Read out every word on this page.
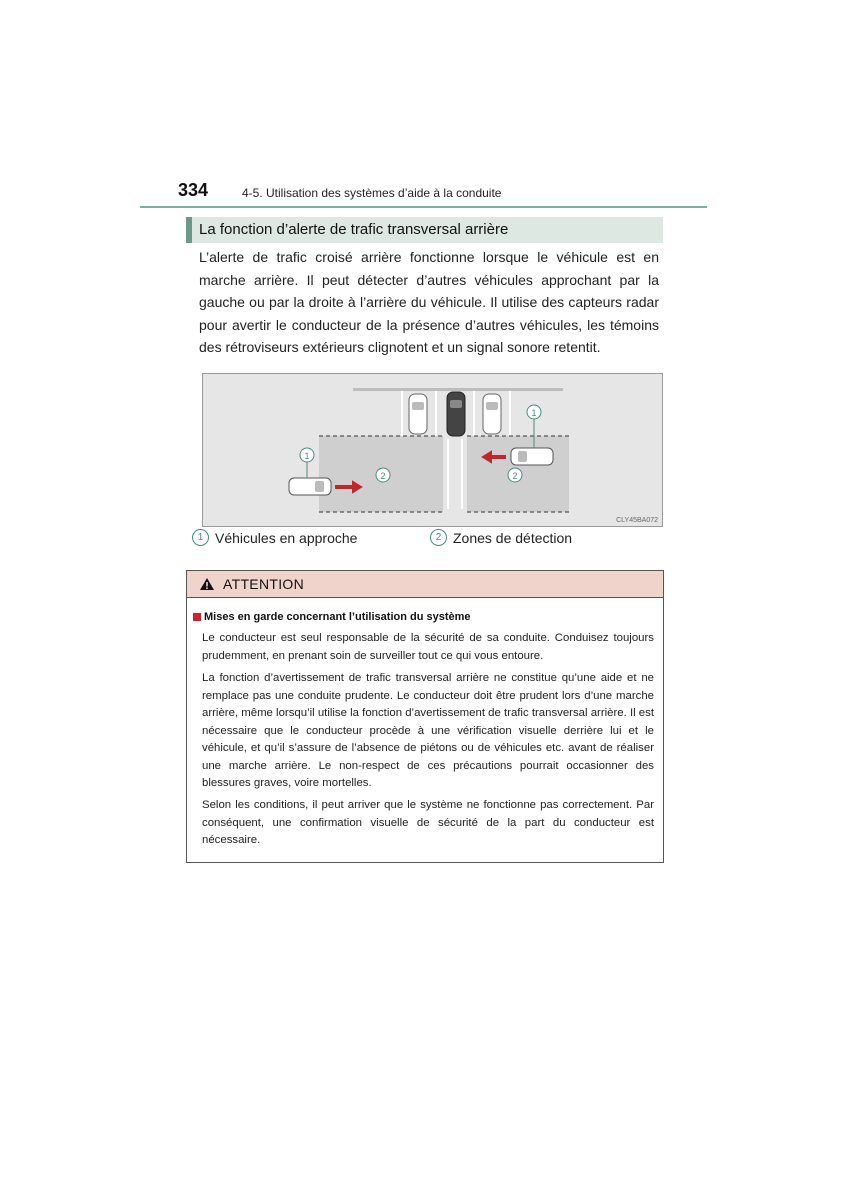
334	4-5. Utilisation des systèmes d’aide à la conduite
La fonction d’alerte de trafic transversal arrière

L’alerte de trafic croisé arrière fonctionne lorsque le véhicule est en marche arrière. Il peut détecter d’autres véhicules approchant par la gauche ou par la droite à l’arrière du véhicule. Il utilise des capteurs radar pour avertir le conducteur de la présence d’autres véhicules, les témoins des rétroviseurs extérieurs clignotent et un signal sonore retentit.

1
2
1
2
CLY45BA072
1 Véhicules en approche	2 Zones de détection
ATTENTION
Mises en garde concernant l’utilisation du système

Le conducteur est seul responsable de la sécurité de sa conduite. Conduisez toujours prudemment, en prenant soin de surveiller tout ce qui vous entoure.

La fonction d’avertissement de trafic transversal arrière ne constitue qu’une aide et ne remplace pas une conduite prudente. Le conducteur doit être prudent lors d’une marche arrière, même lorsqu’il utilise la fonction d’avertissement de trafic transversal arrière. Il est nécessaire que le conducteur procède à une vérification visuelle derrière lui et le véhicule, et qu’il s’assure de l’absence de piétons ou de véhicules etc. avant de réaliser une marche arrière. Le non-respect de ces précautions pourrait occasionner des blessures graves, voire mortelles.

Selon les conditions, il peut arriver que le système ne fonctionne pas correctement. Par conséquent, une confirmation visuelle de sécurité de la part du conducteur est nécessaire.
